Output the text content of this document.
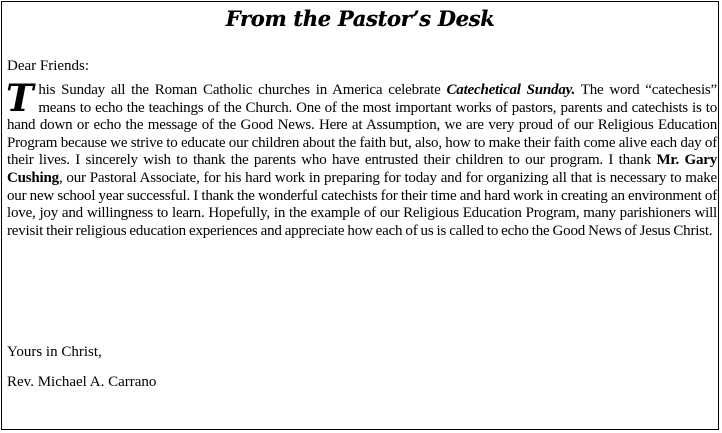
From the Pastor’s Desk
Dear Friends:
This Sunday all the Roman Catholic churches in America celebrate Catechetical Sunday. The word “catechesis” means to echo the teachings of the Church. One of the most important works of pastors, parents and catechists is to hand down or echo the message of the Good News. Here at Assumption, we are very proud of our Religious Education Program because we strive to educate our children about the faith but, also, how to make their faith come alive each day of their lives. I sincerely wish to thank the parents who have entrusted their children to our program. I thank Mr. Gary Cushing, our Pastoral Associate, for his hard work in preparing for today and for organizing all that is necessary to make our new school year successful. I thank the wonderful catechists for their time and hard work in creating an environment of love, joy and willingness to learn. Hopefully, in the example of our Religious Education Program, many parishioners will revisit their religious education experiences and appreciate how each of us is called to echo the Good News of Jesus Christ.
Yours in Christ,
Rev. Michael A. Carrano
